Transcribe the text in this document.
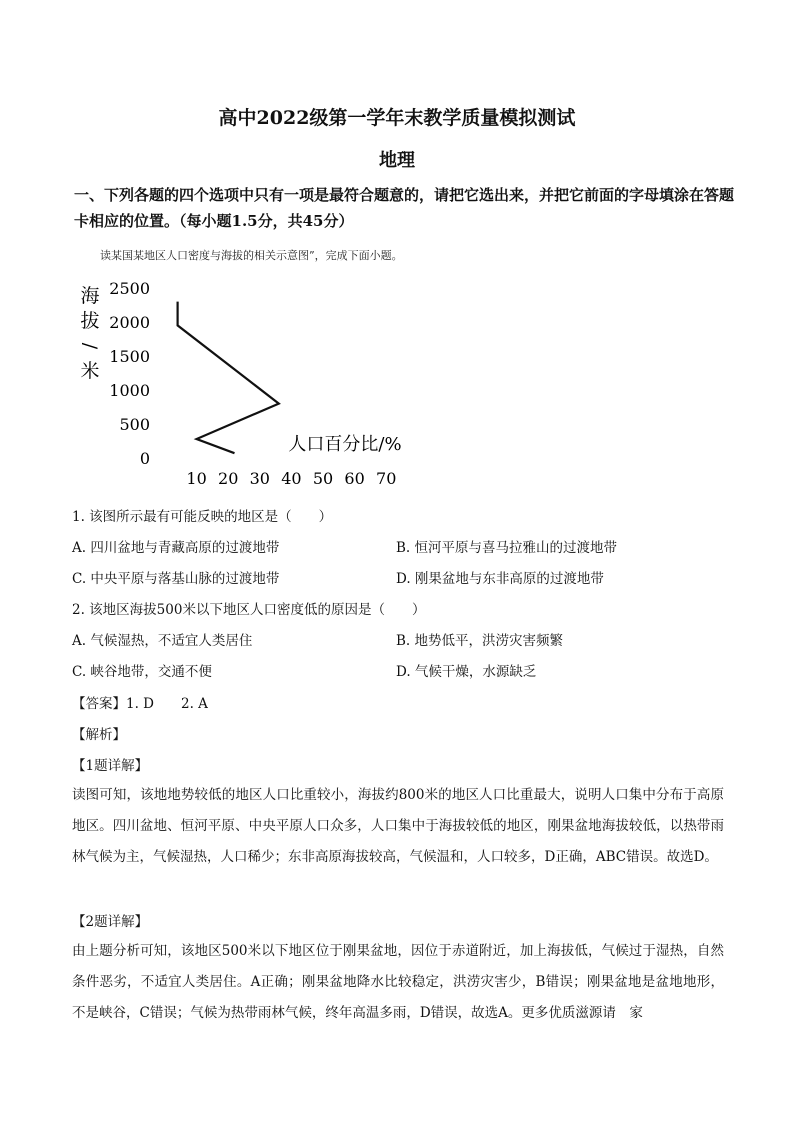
高中2022级第一学年末教学质量模拟测试
地理
一、下列各题的四个选项中只有一项是最符合题意的，请把它选出来，并把它前面的字母填涂在答题卡相应的位置。（每小题1.5分，共45分）
读某国某地区人口密度与海拔的相关示意图”，完成下面小题。
海
拔
/
米
0
500
1000
1500
2000
2500
10 20 30 40 50 60 70
人口百分比/%
1. 该图所示最有可能反映的地区是（　　）
A. 四川盆地与青藏高原的过渡地带	B. 恒河平原与喜马拉雅山的过渡地带
C. 中央平原与落基山脉的过渡地带	D. 刚果盆地与东非高原的过渡地带
2. 该地区海拔500米以下地区人口密度低的原因是（　　）
A. 气候湿热，不适宜人类居住	B. 地势低平，洪涝灾害频繁
C. 峡谷地带，交通不便	D. 气候干燥，水源缺乏
【答案】1. D　　2. A
【解析】
【1题详解】
读图可知，该地地势较低的地区人口比重较小，海拔约800米的地区人口比重最大，说明人口集中分布于高原地区。四川盆地、恒河平原、中央平原人口众多，人口集中于海拔较低的地区，刚果盆地海拔较低，以热带雨林气候为主，气候湿热，人口稀少；东非高原海拔较高，气候温和，人口较多，D正确，ABC错误。故选D。
【2题详解】
由上题分析可知，该地区500米以下地区位于刚果盆地，因位于赤道附近，加上海拔低，气候过于湿热，自然条件恶劣，不适宜人类居住。A正确；刚果盆地降水比较稳定，洪涝灾害少，B错误；刚果盆地是盆地地形，不是峡谷，C错误；气候为热带雨林气候，终年高温多雨，D错误，故选A。更多优质滋源请　家
